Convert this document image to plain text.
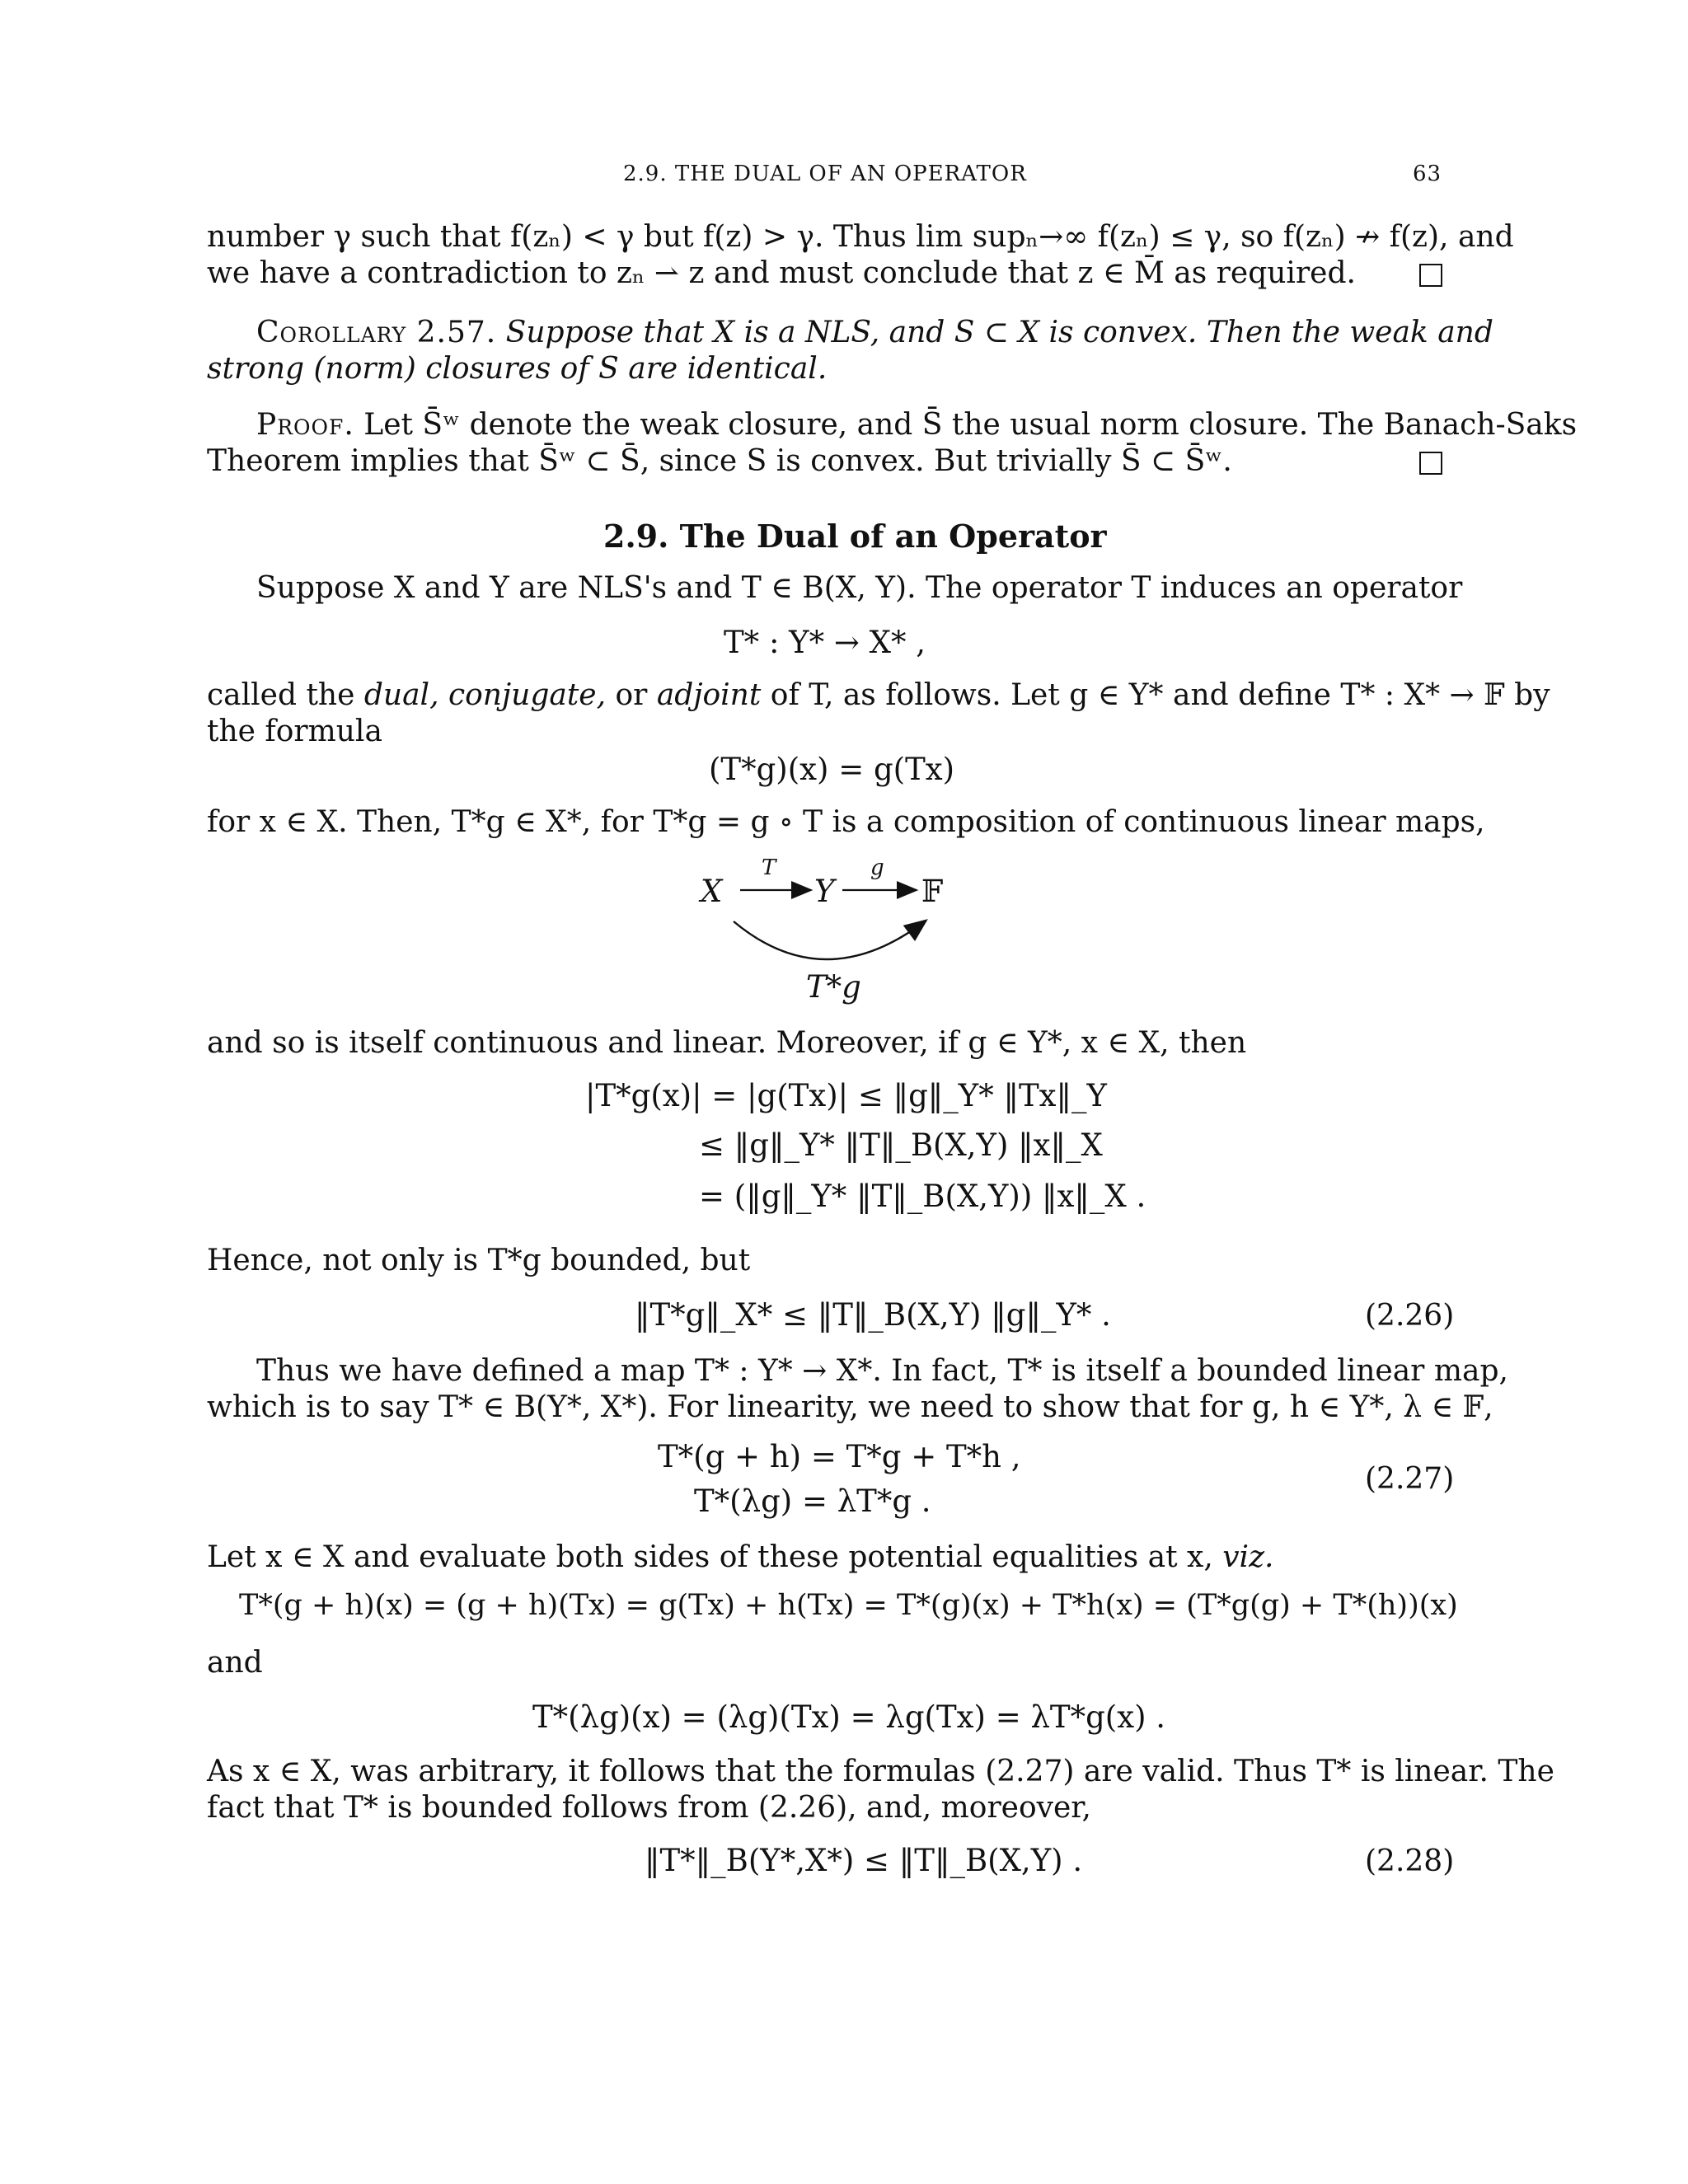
2.9. THE DUAL OF AN OPERATOR	63
number γ such that f(zₙ) < γ but f(z) > γ. Thus lim supₙ→∞ f(zₙ) ≤ γ, so f(zₙ) ↛ f(z), and
we have a contradiction to zₙ ⇀ z and must conclude that z ∈ M̄ as required.
Corollary 2.57. Suppose that X is a NLS, and S ⊂ X is convex. Then the weak and
strong (norm) closures of S are identical.
Proof. Let S̄ʷ denote the weak closure, and S̄ the usual norm closure. The Banach-Saks
Theorem implies that S̄ʷ ⊂ S̄, since S is convex. But trivially S̄ ⊂ S̄ʷ.
2.9. The Dual of an Operator
Suppose X and Y are NLS's and T ∈ B(X, Y). The operator T induces an operator
T* : Y* → X* ,
called the dual, conjugate, or adjoint of T, as follows. Let g ∈ Y* and define T* : X* → 𝔽 by
the formula
(T*g)(x) = g(Tx)
for x ∈ X. Then, T*g ∈ X*, for T*g = g ∘ T is a composition of continuous linear maps,
X	Y	𝔽
T	g
T*g
and so is itself continuous and linear. Moreover, if g ∈ Y*, x ∈ X, then
|T*g(x)| = |g(Tx)| ≤ ‖g‖_Y* ‖Tx‖_Y
≤ ‖g‖_Y* ‖T‖_B(X,Y) ‖x‖_X
= (‖g‖_Y* ‖T‖_B(X,Y)) ‖x‖_X .
Hence, not only is T*g bounded, but
‖T*g‖_X* ≤ ‖T‖_B(X,Y) ‖g‖_Y* .	(2.26)
Thus we have defined a map T* : Y* → X*. In fact, T* is itself a bounded linear map,
which is to say T* ∈ B(Y*, X*). For linearity, we need to show that for g, h ∈ Y*, λ ∈ 𝔽,
T*(g + h) = T*g + T*h ,
T*(λg) = λT*g .
(2.27)
Let x ∈ X and evaluate both sides of these potential equalities at x, viz.
T*(g + h)(x) = (g + h)(Tx) = g(Tx) + h(Tx) = T*(g)(x) + T*h(x) = (T*g(g) + T*(h))(x)
and
T*(λg)(x) = (λg)(Tx) = λg(Tx) = λT*g(x) .
As x ∈ X, was arbitrary, it follows that the formulas (2.27) are valid. Thus T* is linear. The
fact that T* is bounded follows from (2.26), and, moreover,
‖T*‖_B(Y*,X*) ≤ ‖T‖_B(X,Y) .	(2.28)
